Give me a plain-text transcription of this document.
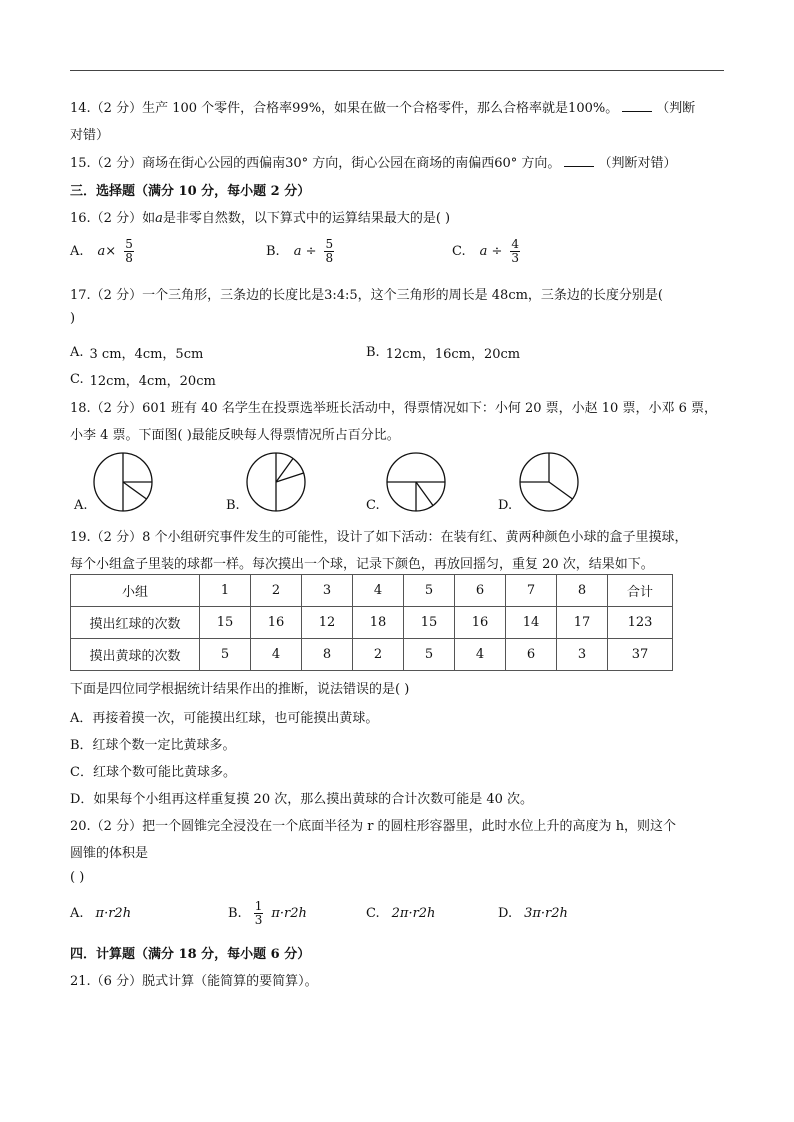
14.（2 分）生产 100 个零件，合格率99%，如果在做一个合格零件，那么合格率就是100%。	（判断
对错）
15.（2 分）商场在街心公园的西偏南30° 方向，街心公园在商场的南偏西60° 方向。	（判断对错）
三．选择题（满分 10 分，每小题 2 分）
16.（2 分）如a是非零自然数，以下算式中的运算结果最大的是( )
A. $a\times \frac{5}{8}$	B. $a \div \frac{5}{8}$	C. $a \div \frac{4}{3}$
17.（2 分）一个三角形，三条边的长度比是3:4:5，这个三角形的周长是 48cm，三条边的长度分别是(
)
A. 3 cm，4cm，5cm	B. 12cm，16cm，20cm
C. 12cm，4cm，20cm
18.（2 分）601 班有 40 名学生在投票选举班长活动中，得票情况如下：小何 20 票，小赵 10 票，小邓 6 票，
小李 4 票。下面图( )最能反映每人得票情况所占百分比。
A.	B.	C.	D.
19.（2 分）8 个小组研究事件发生的可能性，设计了如下活动：在装有红、黄两种颜色小球的盒子里摸球，
每个小组盒子里装的球都一样。每次摸出一个球，记录下颜色，再放回摇匀，重复 20 次，结果如下。
小组	1	2	3	4	5	6	7	8	合计
摸出红球的次数	15	16	12	18	15	16	14	17	123
摸出黄球的次数	5	4	8	2	5	4	6	3	37
下面是四位同学根据统计结果作出的推断，说法错误的是( )
A．再接着摸一次，可能摸出红球，也可能摸出黄球。
B．红球个数一定比黄球多。
C．红球个数可能比黄球多。
D．如果每个小组再这样重复摸 20 次，那么摸出黄球的合计次数可能是 40 次。
20.（2 分）把一个圆锥完全浸没在一个底面半径为 r 的圆柱形容器里，此时水位上升的高度为 h，则这个
圆锥的体积是
( )
A. π·r2h	B. $\frac{1}{3} \pi\cdot r2h$	C. 2π·r2h	D. 3π·r2h
四．计算题（满分 18 分，每小题 6 分）
21.（6 分）脱式计算（能简算的要简算）。
